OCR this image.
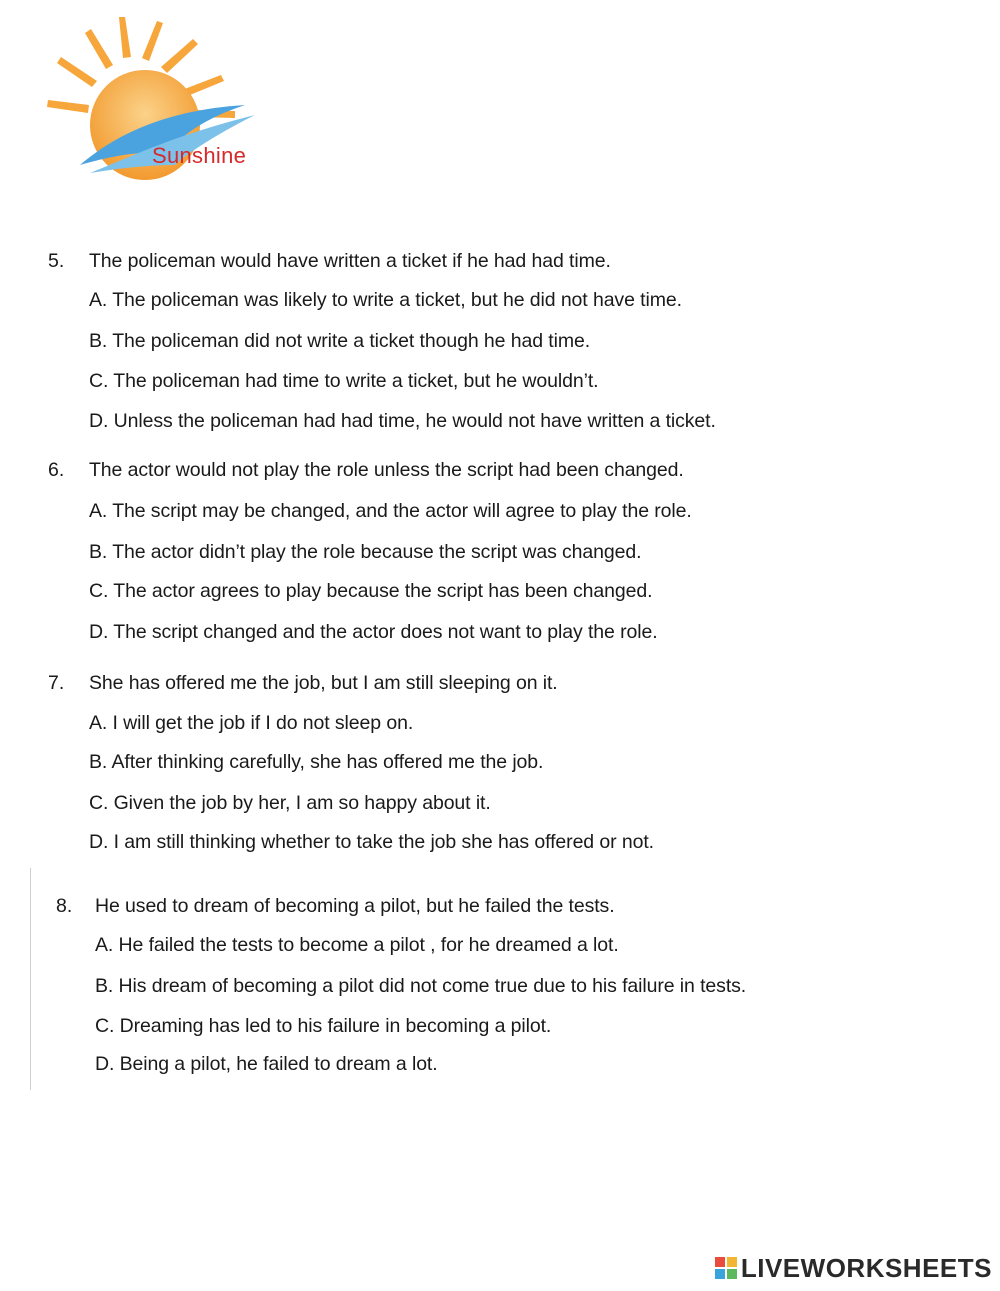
Sunshine
5. The policeman would have written a ticket if he had had time.
A. The policeman was likely to write a ticket, but he did not have time.
B. The policeman did not write a ticket though he had time.
C. The policeman had time to write a ticket, but he wouldn’t.
D. Unless the policeman had had time, he would not have written a ticket.
6. The actor would not play the role unless the script had been changed.
A. The script may be changed, and the actor will agree to play the role.
B. The actor didn’t play the role because the script was changed.
C. The actor agrees to play because the script has been changed.
D. The script changed and the actor does not want to play the role.
7. She has offered me the job, but I am still sleeping on it.
A. I will get the job if I do not sleep on.
B. After thinking carefully, she has offered me the job.
C. Given the job by her, I am so happy about it.
D. I am still thinking whether to take the job she has offered or not.
8. He used to dream of becoming a pilot, but he failed the tests.
A. He failed the tests to become a pilot , for he dreamed a lot.
B. His dream of becoming a pilot did not come true due to his failure in tests.
C. Dreaming has led to his failure in becoming a pilot.
D. Being a pilot, he failed to dream a lot.
LIVEWORKSHEETS
